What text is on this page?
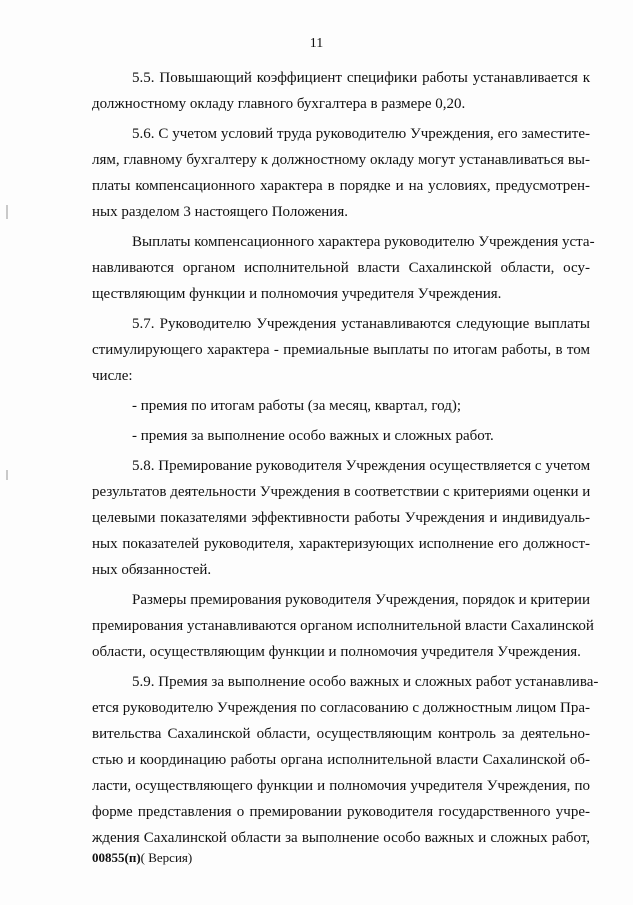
11
5.5. Повышающий коэффициент специфики работы устанавливается к
должностному окладу главного бухгалтера в размере 0,20.
5.6. С учетом условий труда руководителю Учреждения, его заместите-
лям, главному бухгалтеру к должностному окладу могут устанавливаться вы-
платы компенсационного характера в порядке и на условиях, предусмотрен-
ных разделом 3 настоящего Положения.
Выплаты компенсационного характера руководителю Учреждения уста-
навливаются органом исполнительной власти Сахалинской области, осу-
ществляющим функции и полномочия учредителя Учреждения.
5.7. Руководителю Учреждения устанавливаются следующие выплаты
стимулирующего характера - премиальные выплаты по итогам работы, в том
числе:
- премия по итогам работы (за месяц, квартал, год);
- премия за выполнение особо важных и сложных работ.
5.8. Премирование руководителя Учреждения осуществляется с учетом
результатов деятельности Учреждения в соответствии с критериями оценки и
целевыми показателями эффективности работы Учреждения и индивидуаль-
ных показателей руководителя, характеризующих исполнение его должност-
ных обязанностей.
Размеры премирования руководителя Учреждения, порядок и критерии
премирования устанавливаются органом исполнительной власти Сахалинской
области, осуществляющим функции и полномочия учредителя Учреждения.
5.9. Премия за выполнение особо важных и сложных работ устанавлива-
ется руководителю Учреждения по согласованию с должностным лицом Пра-
вительства Сахалинской области, осуществляющим контроль за деятельно-
стью и координацию работы органа исполнительной власти Сахалинской об-
ласти, осуществляющего функции и полномочия учредителя Учреждения, по
форме представления о премировании руководителя государственного учре-
ждения Сахалинской области за выполнение особо важных и сложных работ,
00855(п)( Версия)
